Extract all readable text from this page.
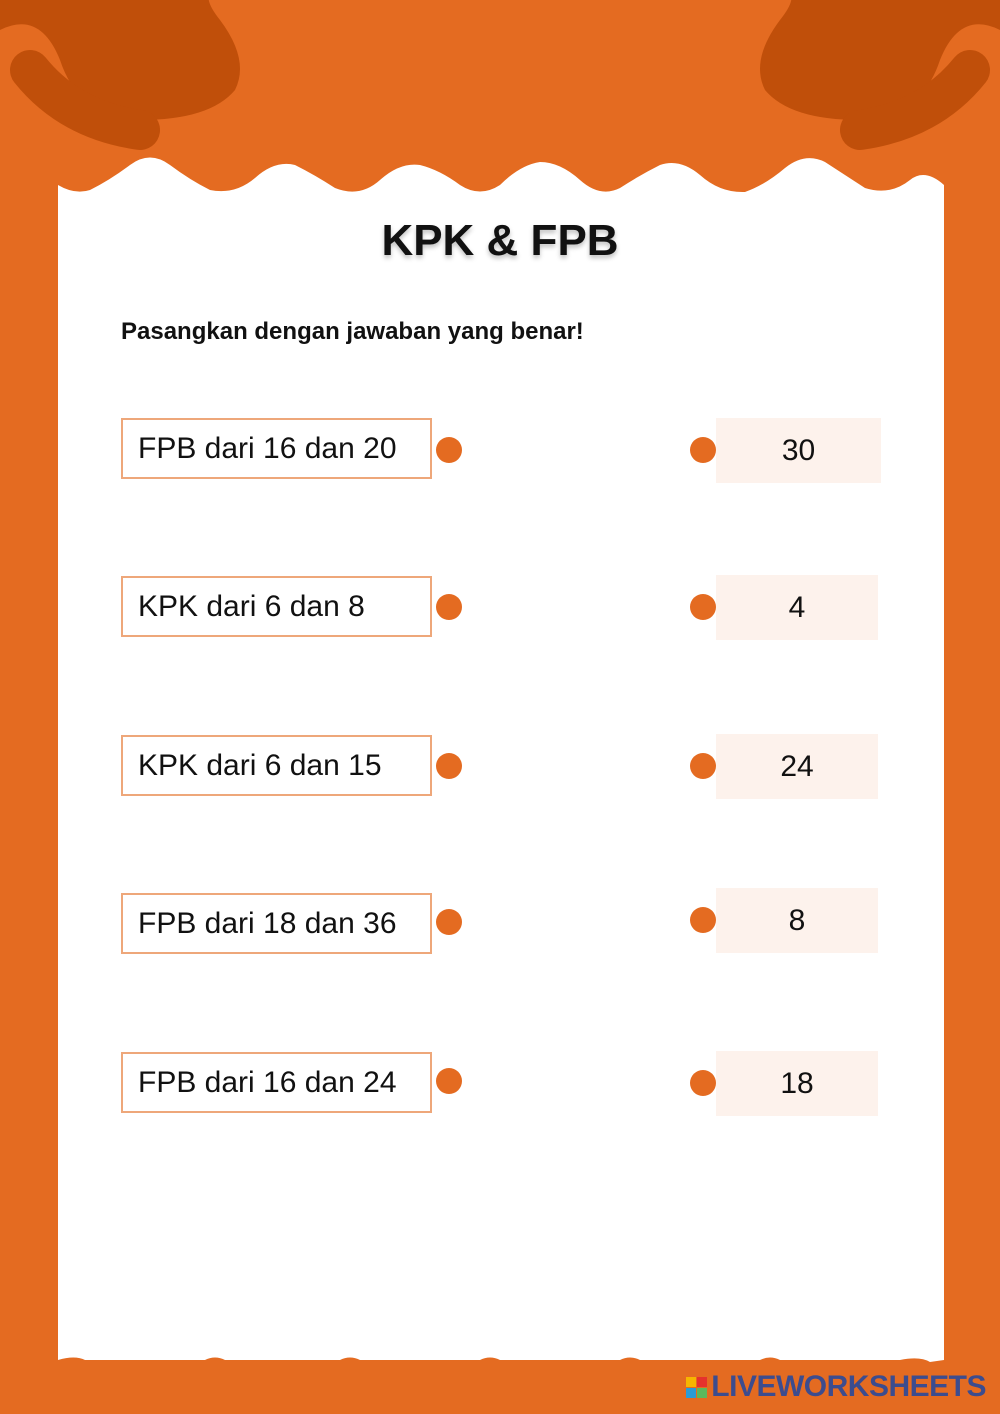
KPK & FPB
Pasangkan dengan jawaban yang benar!
FPB dari 16 dan 20
KPK dari 6 dan 8
KPK dari 6 dan 15
FPB dari 18 dan 36
FPB dari 16 dan 24
30
4
24
8
18
LIVEWORKSHEETS
